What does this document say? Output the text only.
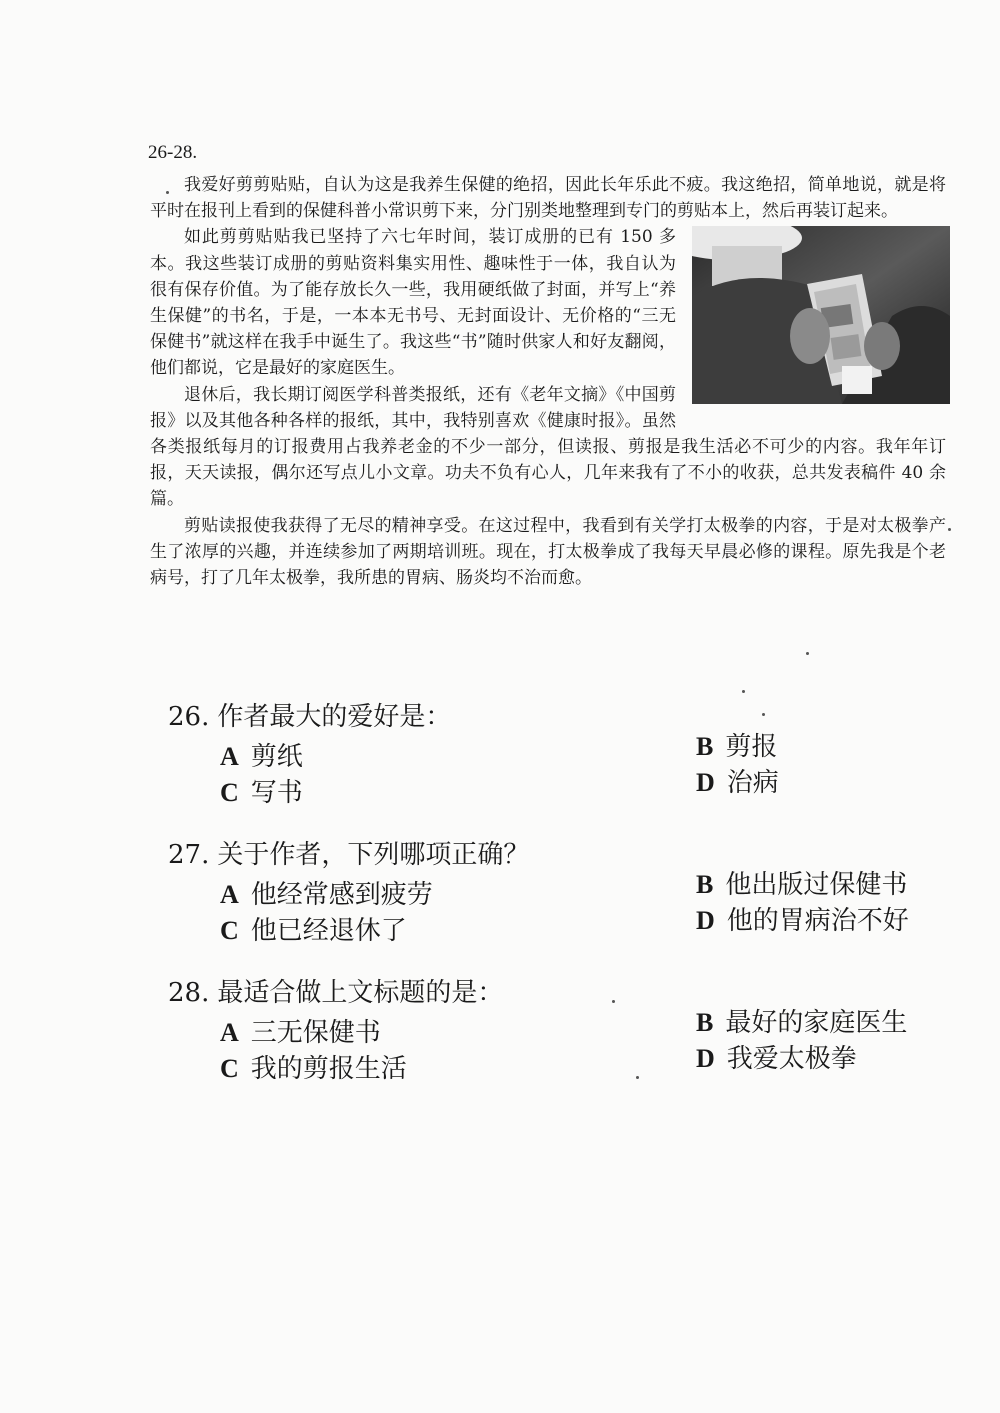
26-28.

我爱好剪剪贴贴，自认为这是我养生保健的绝招，因此长年乐此不疲。我这绝招，简单地说，就是将平时在报刊上看到的保健科普小常识剪下来，分门别类地整理到专门的剪贴本上，然后再装订起来。

如此剪剪贴贴我已坚持了六七年时间，装订成册的已有 150 多本。我这些装订成册的剪贴资料集实用性、趣味性于一体，我自认为很有保存价值。为了能存放长久一些，我用硬纸做了封面，并写上“养生保健”的书名，于是，一本本无书号、无封面设计、无价格的“三无保健书”就这样在我手中诞生了。我这些“书”随时供家人和好友翻阅，他们都说，它是最好的家庭医生。

退休后，我长期订阅医学科普类报纸，还有《老年文摘》《中国剪报》以及其他各种各样的报纸，其中，我特别喜欢《健康时报》。虽然各类报纸每月的订报费用占我养老金的不少一部分，但读报、剪报是我生活必不可少的内容。我年年订报，天天读报，偶尔还写点儿小文章。功夫不负有心人，几年来我有了不小的收获，总共发表稿件 40 余篇。

剪贴读报使我获得了无尽的精神享受。在这过程中，我看到有关学打太极拳的内容，于是对太极拳产生了浓厚的兴趣，并连续参加了两期培训班。现在，打太极拳成了我每天早晨必修的课程。原先我是个老病号，打了几年太极拳，我所患的胃病、肠炎均不治而愈。

26. 作者最大的爱好是：
A 剪纸
C 写书
B 剪报
D 治病
27. 关于作者，下列哪项正确？
A 他经常感到疲劳
C 他已经退休了
B 他出版过保健书
D 他的胃病治不好
28. 最适合做上文标题的是：
A 三无保健书
C 我的剪报生活
B 最好的家庭医生
D 我爱太极拳
